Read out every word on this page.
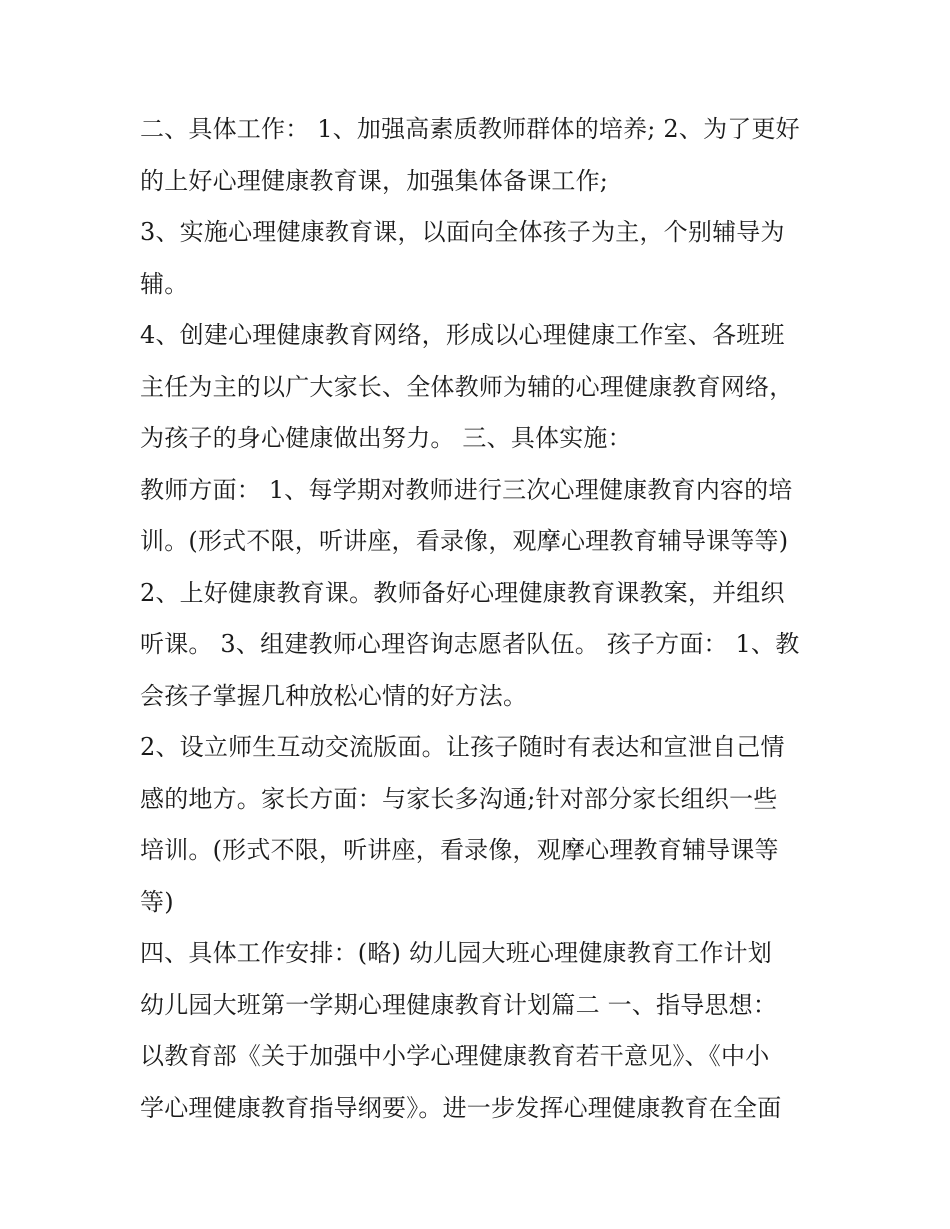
二、具体工作： 1、加强高素质教师群体的培养; 2、为了更好
的上好心理健康教育课，加强集体备课工作;
3、实施心理健康教育课，以面向全体孩子为主，个别辅导为
辅。
4、创建心理健康教育网络，形成以心理健康工作室、各班班
主任为主的以广大家长、全体教师为辅的心理健康教育网络，
为孩子的身心健康做出努力。 三、具体实施：
教师方面： 1、每学期对教师进行三次心理健康教育内容的培
训。(形式不限，听讲座，看录像，观摩心理教育辅导课等等)
2、上好健康教育课。教师备好心理健康教育课教案，并组织
听课。 3、组建教师心理咨询志愿者队伍。 孩子方面： 1、教
会孩子掌握几种放松心情的好方法。
2、设立师生互动交流版面。让孩子随时有表达和宣泄自己情
感的地方。家长方面：与家长多沟通;针对部分家长组织一些
培训。(形式不限，听讲座，看录像，观摩心理教育辅导课等
等)
四、具体工作安排：(略) 幼儿园大班心理健康教育工作计划
幼儿园大班第一学期心理健康教育计划篇二 一、指导思想：
以教育部《关于加强中小学心理健康教育若干意见》、《中小
学心理健康教育指导纲要》。进一步发挥心理健康教育在全面
